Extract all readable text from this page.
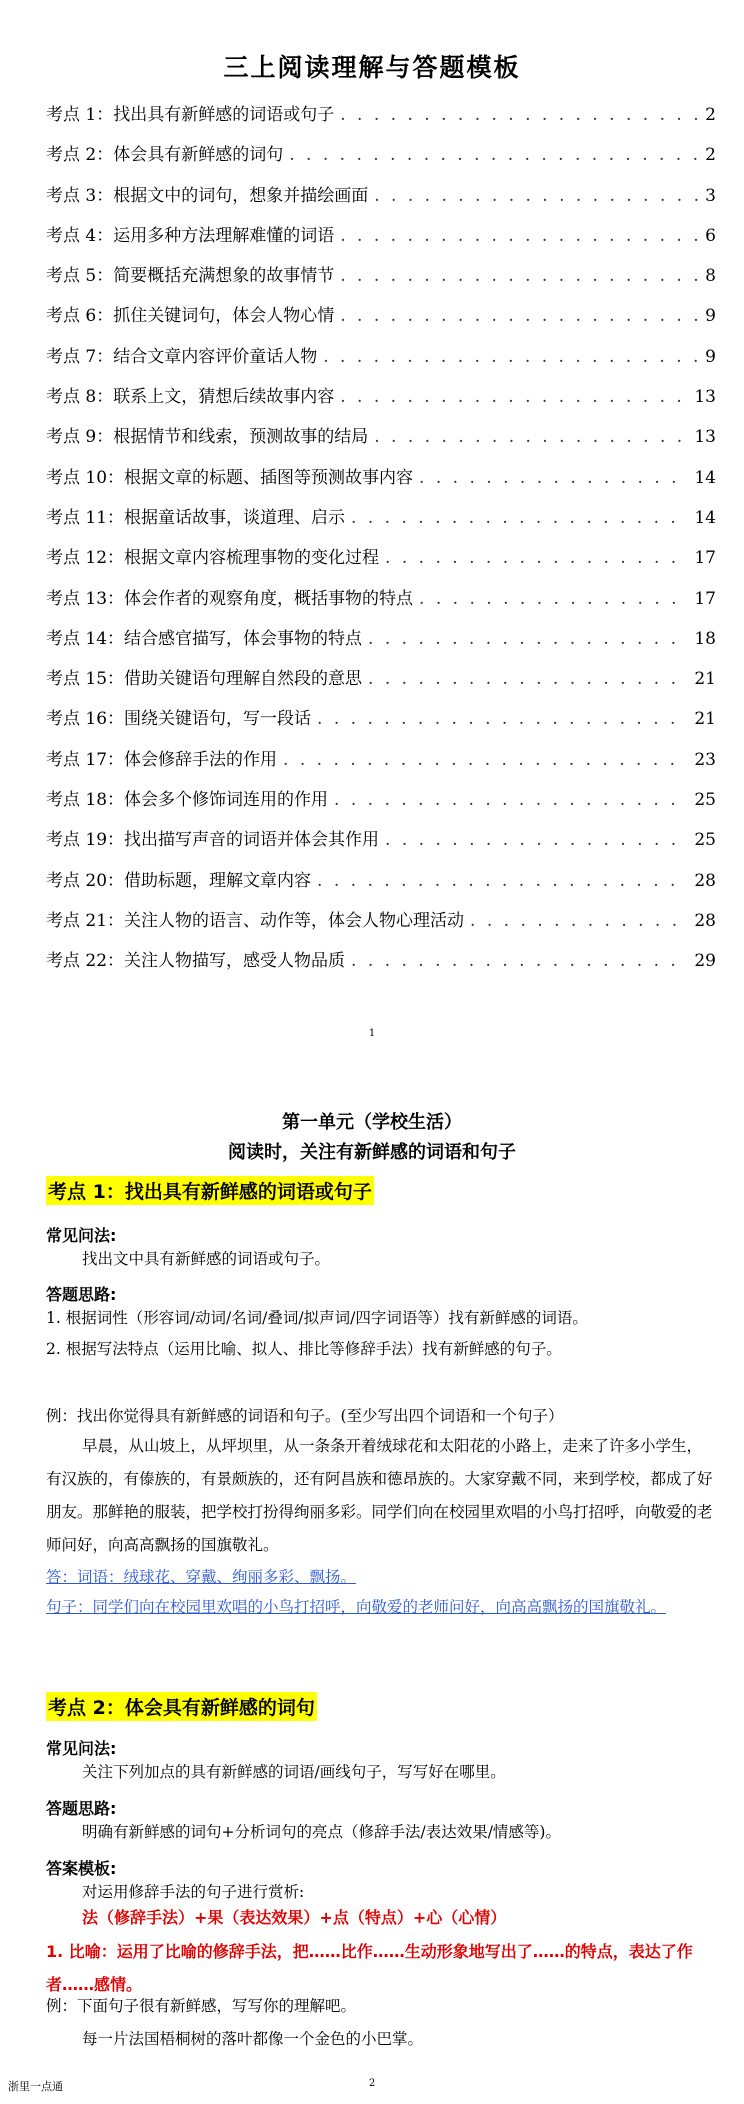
三上阅读理解与答题模板
考点 1：找出具有新鲜感的词语或句子 . . .	2
考点 2：体会具有新鲜感的词句 . . .	2
考点 3：根据文中的词句，想象并描绘画面 . . .	3
考点 4：运用多种方法理解难懂的词语 . . .	6
考点 5：简要概括充满想象的故事情节 . . .	8
考点 6：抓住关键词句，体会人物心情 . . .	9
考点 7：结合文章内容评价童话人物 . . .	9
考点 8：联系上文，猜想后续故事内容 . . .	13
考点 9：根据情节和线索，预测故事的结局 . . .	13
考点 10：根据文章的标题、插图等预测故事内容 . . .	14
考点 11：根据童话故事，谈道理、启示 . . .	14
考点 12：根据文章内容梳理事物的变化过程 . . .	17
考点 13：体会作者的观察角度，概括事物的特点 . . .	17
考点 14：结合感官描写，体会事物的特点 . . .	18
考点 15：借助关键语句理解自然段的意思 . . .	21
考点 16：围绕关键语句，写一段话 . . .	21
考点 17：体会修辞手法的作用 . . .	23
考点 18：体会多个修饰词连用的作用 . . .	25
考点 19：找出描写声音的词语并体会其作用 . . .	25
考点 20：借助标题，理解文章内容 . . .	28
考点 21：关注人物的语言、动作等，体会人物心理活动 . . .	28
考点 22：关注人物描写，感受人物品质 . . .	29
1
第一单元（学校生活）
阅读时，关注有新鲜感的词语和句子
考点 1：找出具有新鲜感的词语或句子
常见问法:
找出文中具有新鲜感的词语或句子。
答题思路:
1. 根据词性（形容词/动词/名词/叠词/拟声词/四字词语等）找有新鲜感的词语。
2. 根据写法特点（运用比喻、拟人、排比等修辞手法）找有新鲜感的句子。
例：找出你觉得具有新鲜感的词语和句子。(至少写出四个词语和一个句子）
早晨，从山坡上，从坪坝里，从一条条开着绒球花和太阳花的小路上，走来了许多小学生，有汉族的，有傣族的，有景颇族的，还有阿昌族和德昂族的。大家穿戴不同，来到学校，都成了好朋友。那鲜艳的服装，把学校打扮得绚丽多彩。同学们向在校园里欢唱的小鸟打招呼，向敬爱的老师问好，向高高飘扬的国旗敬礼。
答：词语：绒球花、穿戴、绚丽多彩、飘扬。
句子：同学们向在校园里欢唱的小鸟打招呼，向敬爱的老师问好，向高高飘扬的国旗敬礼。
考点 2：体会具有新鲜感的词句
常见问法:
关注下列加点的具有新鲜感的词语/画线句子，写写好在哪里。
答题思路:
明确有新鲜感的词句+分析词句的亮点（修辞手法/表达效果/情感等)。
答案模板:
对运用修辞手法的句子进行赏析:
法（修辞手法）+果（表达效果）+点（特点）+心（心情）
1. 比喻：运用了比喻的修辞手法，把……比作……生动形象地写出了……的特点，表达了作者……感情。
例：下面句子很有新鲜感，写写你的理解吧。
每一片法国梧桐树的落叶都像一个金色的小巴掌。
浙里一点通	2
